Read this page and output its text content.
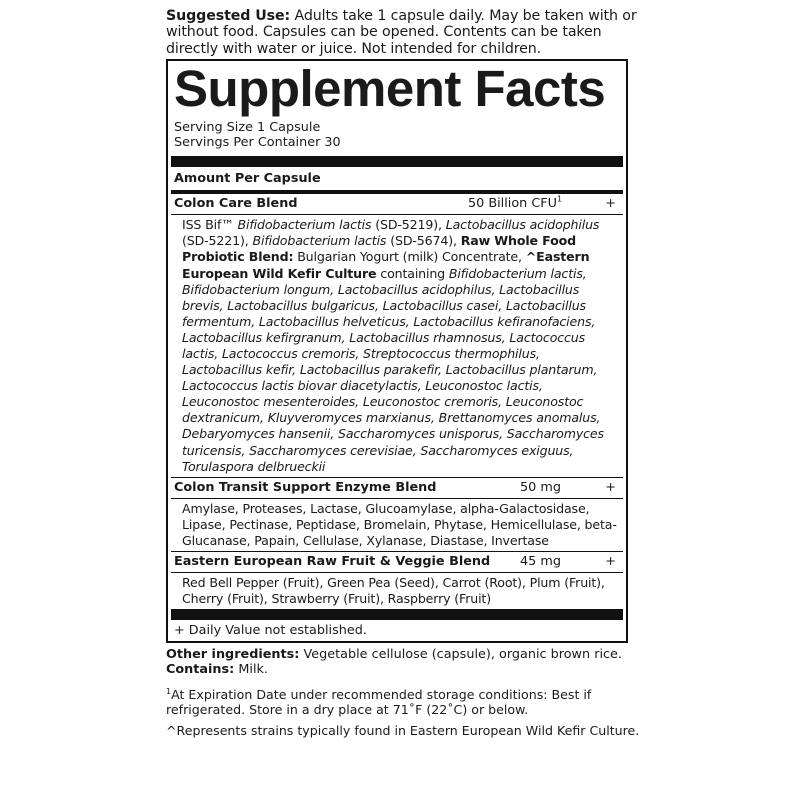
Suggested Use: Adults take 1 capsule daily. May be taken with or without food. Capsules can be opened. Contents can be taken directly with water or juice. Not intended for children.
Supplement Facts
Serving Size 1 Capsule
Servings Per Container 30
Amount Per Capsule
Colon Care Blend	50 Billion $CFU^1$	+
ISS Bif™ Bifidobacterium lactis (SD-5219), Lactobacillus acidophilus (SD-5221), Bifidobacterium lactis (SD-5674), Raw Whole Food Probiotic Blend: Bulgarian Yogurt (milk) Concentrate, ^Eastern European Wild Kefir Culture containing Bifidobacterium lactis, Bifidobacterium longum, Lactobacillus acidophilus, Lactobacillus brevis, Lactobacillus bulgaricus, Lactobacillus casei, Lactobacillus fermentum, Lactobacillus helveticus, Lactobacillus kefiranofaciens, Lactobacillus kefirgranum, Lactobacillus rhamnosus, Lactococcus lactis, Lactococcus cremoris, Streptococcus thermophilus, Lactobacillus kefir, Lactobacillus parakefir, Lactobacillus plantarum, Lactococcus lactis biovar diacetylactis, Leuconostoc lactis, Leuconostoc mesenteroides, Leuconostoc cremoris, Leuconostoc dextranicum, Kluyveromyces marxianus, Brettanomyces anomalus, Debaryomyces hansenii, Saccharomyces unisporus, Saccharomyces turicensis, Saccharomyces cerevisiae, Saccharomyces exiguus, Torulaspora delbrueckii
Colon Transit Support Enzyme Blend	50 mg	+
Amylase, Proteases, Lactase, Glucoamylase, alpha-Galactosidase, Lipase, Pectinase, Peptidase, Bromelain, Phytase, Hemicellulase, beta-Glucanase, Papain, Cellulase, Xylanase, Diastase, Invertase
Eastern European Raw Fruit & Veggie Blend 45 mg	+
Red Bell Pepper (Fruit), Green Pea (Seed), Carrot (Root), Plum (Fruit), Cherry (Fruit), Strawberry (Fruit), Raspberry (Fruit)
+ Daily Value not established.
Other ingredients: Vegetable cellulose (capsule), organic brown rice.
Contains: Milk.
$^1$At Expiration Date under recommended storage conditions: Best if refrigerated. Store in a dry place at 71˚F (22˚C) or below.
^Represents strains typically found in Eastern European Wild Kefir Culture.
